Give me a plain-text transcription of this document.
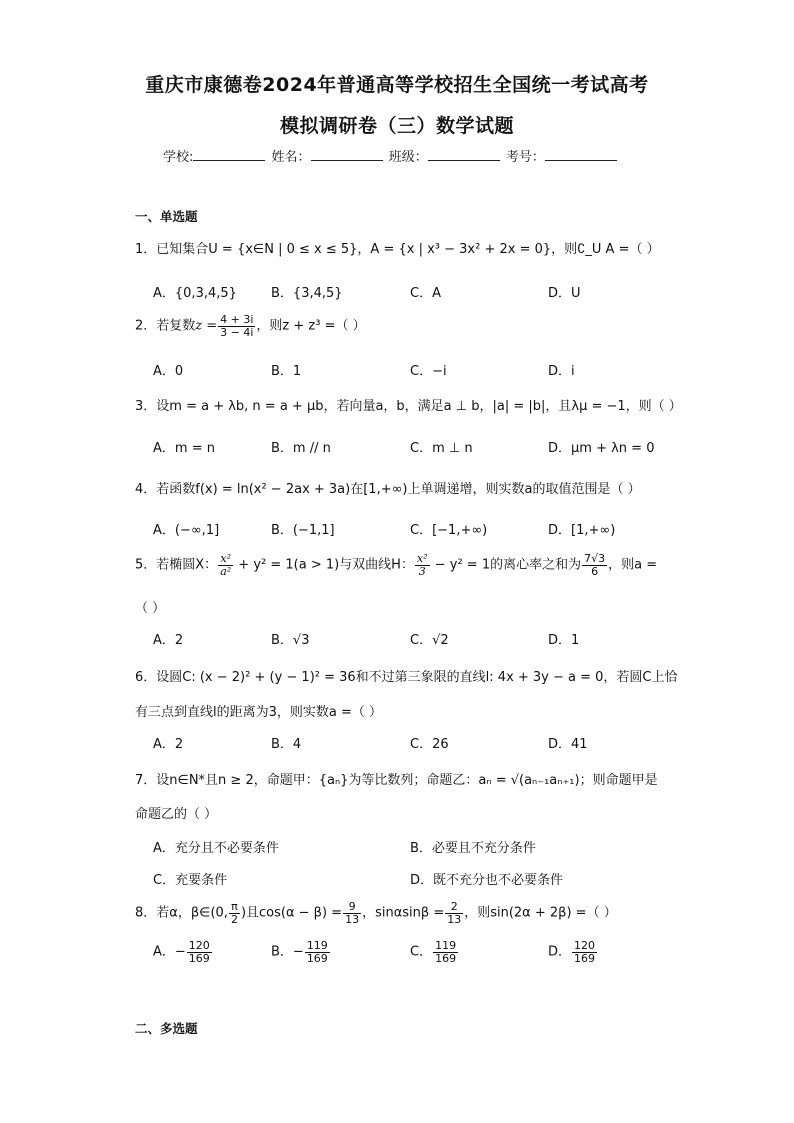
重庆市康德卷2024年普通高等学校招生全国统一考试高考
模拟调研卷（三）数学试题
学校:	姓名：	班级：	考号：
一、单选题
1．已知集合U = {x∈N | 0 ≤ x ≤ 5}，A = {x | x³ − 3x² + 2x = 0}，则∁_U A =（ ）
A．{0,3,4,5}	B．{3,4,5}	C．A	D．U
2．若复数$z = \frac{4 + 3i}{3 - 4i}$ ，则z + z³ =（ ）
A．0	B．1	C．−i	D．i
3．设m = a + λb, n = a + μb，若向量a，b，满足a ⊥ b，|a| = |b|，且λμ = −1，则（ ）
A．m = n	B．m // n	C．m ⊥ n	D．μm + λn = 0
4．若函数f(x) = ln(x² − 2ax + 3a)在[1,+∞)上单调递增，则实数a的取值范围是（ ）
A．(−∞,1]	B．(−1,1]	C．[−1,+∞)	D．[1,+∞)
5．若椭圆X： $\frac{\text{x²}}{\text{a²}} + y^2 = 1(a > 1)$与双曲线H： $\frac{\text{x²}}{3} - y^2 = 1$的离心率之和为 $\frac{7√3}{6}$ ，则a =
（ ）
A．2	B．√3	C．√2	D．1
6．设圆C: (x − 2)² + (y − 1)² = 36和不过第三象限的直线l: 4x + 3y − a = 0，若圆C上恰
有三点到直线l的距离为3，则实数a =（ ）
A．2	B．4	C．26	D．41
7．设n∈N*且n ≥ 2，命题甲：{aₙ}为等比数列；命题乙：aₙ = √(aₙ₋₁aₙ₊₁)；则命题甲是
命题乙的（ ）
A．充分且不必要条件	B．必要且不充分条件
C．充要条件	D．既不充分也不必要条件
8．若α，β∈(0, $\frac{\pi}{2}$ )且$\cos(\alpha - \beta) = \frac{9}{13}$ ，$\sin\alpha\sin\beta = \frac{2}{13}$ ，则sin(2α + 2β) =（ ）
A．− $\frac{120}{169}$	B．− $\frac{119}{169}$	C． $\frac{119}{169}$	D． $\frac{120}{169}$
二、多选题
